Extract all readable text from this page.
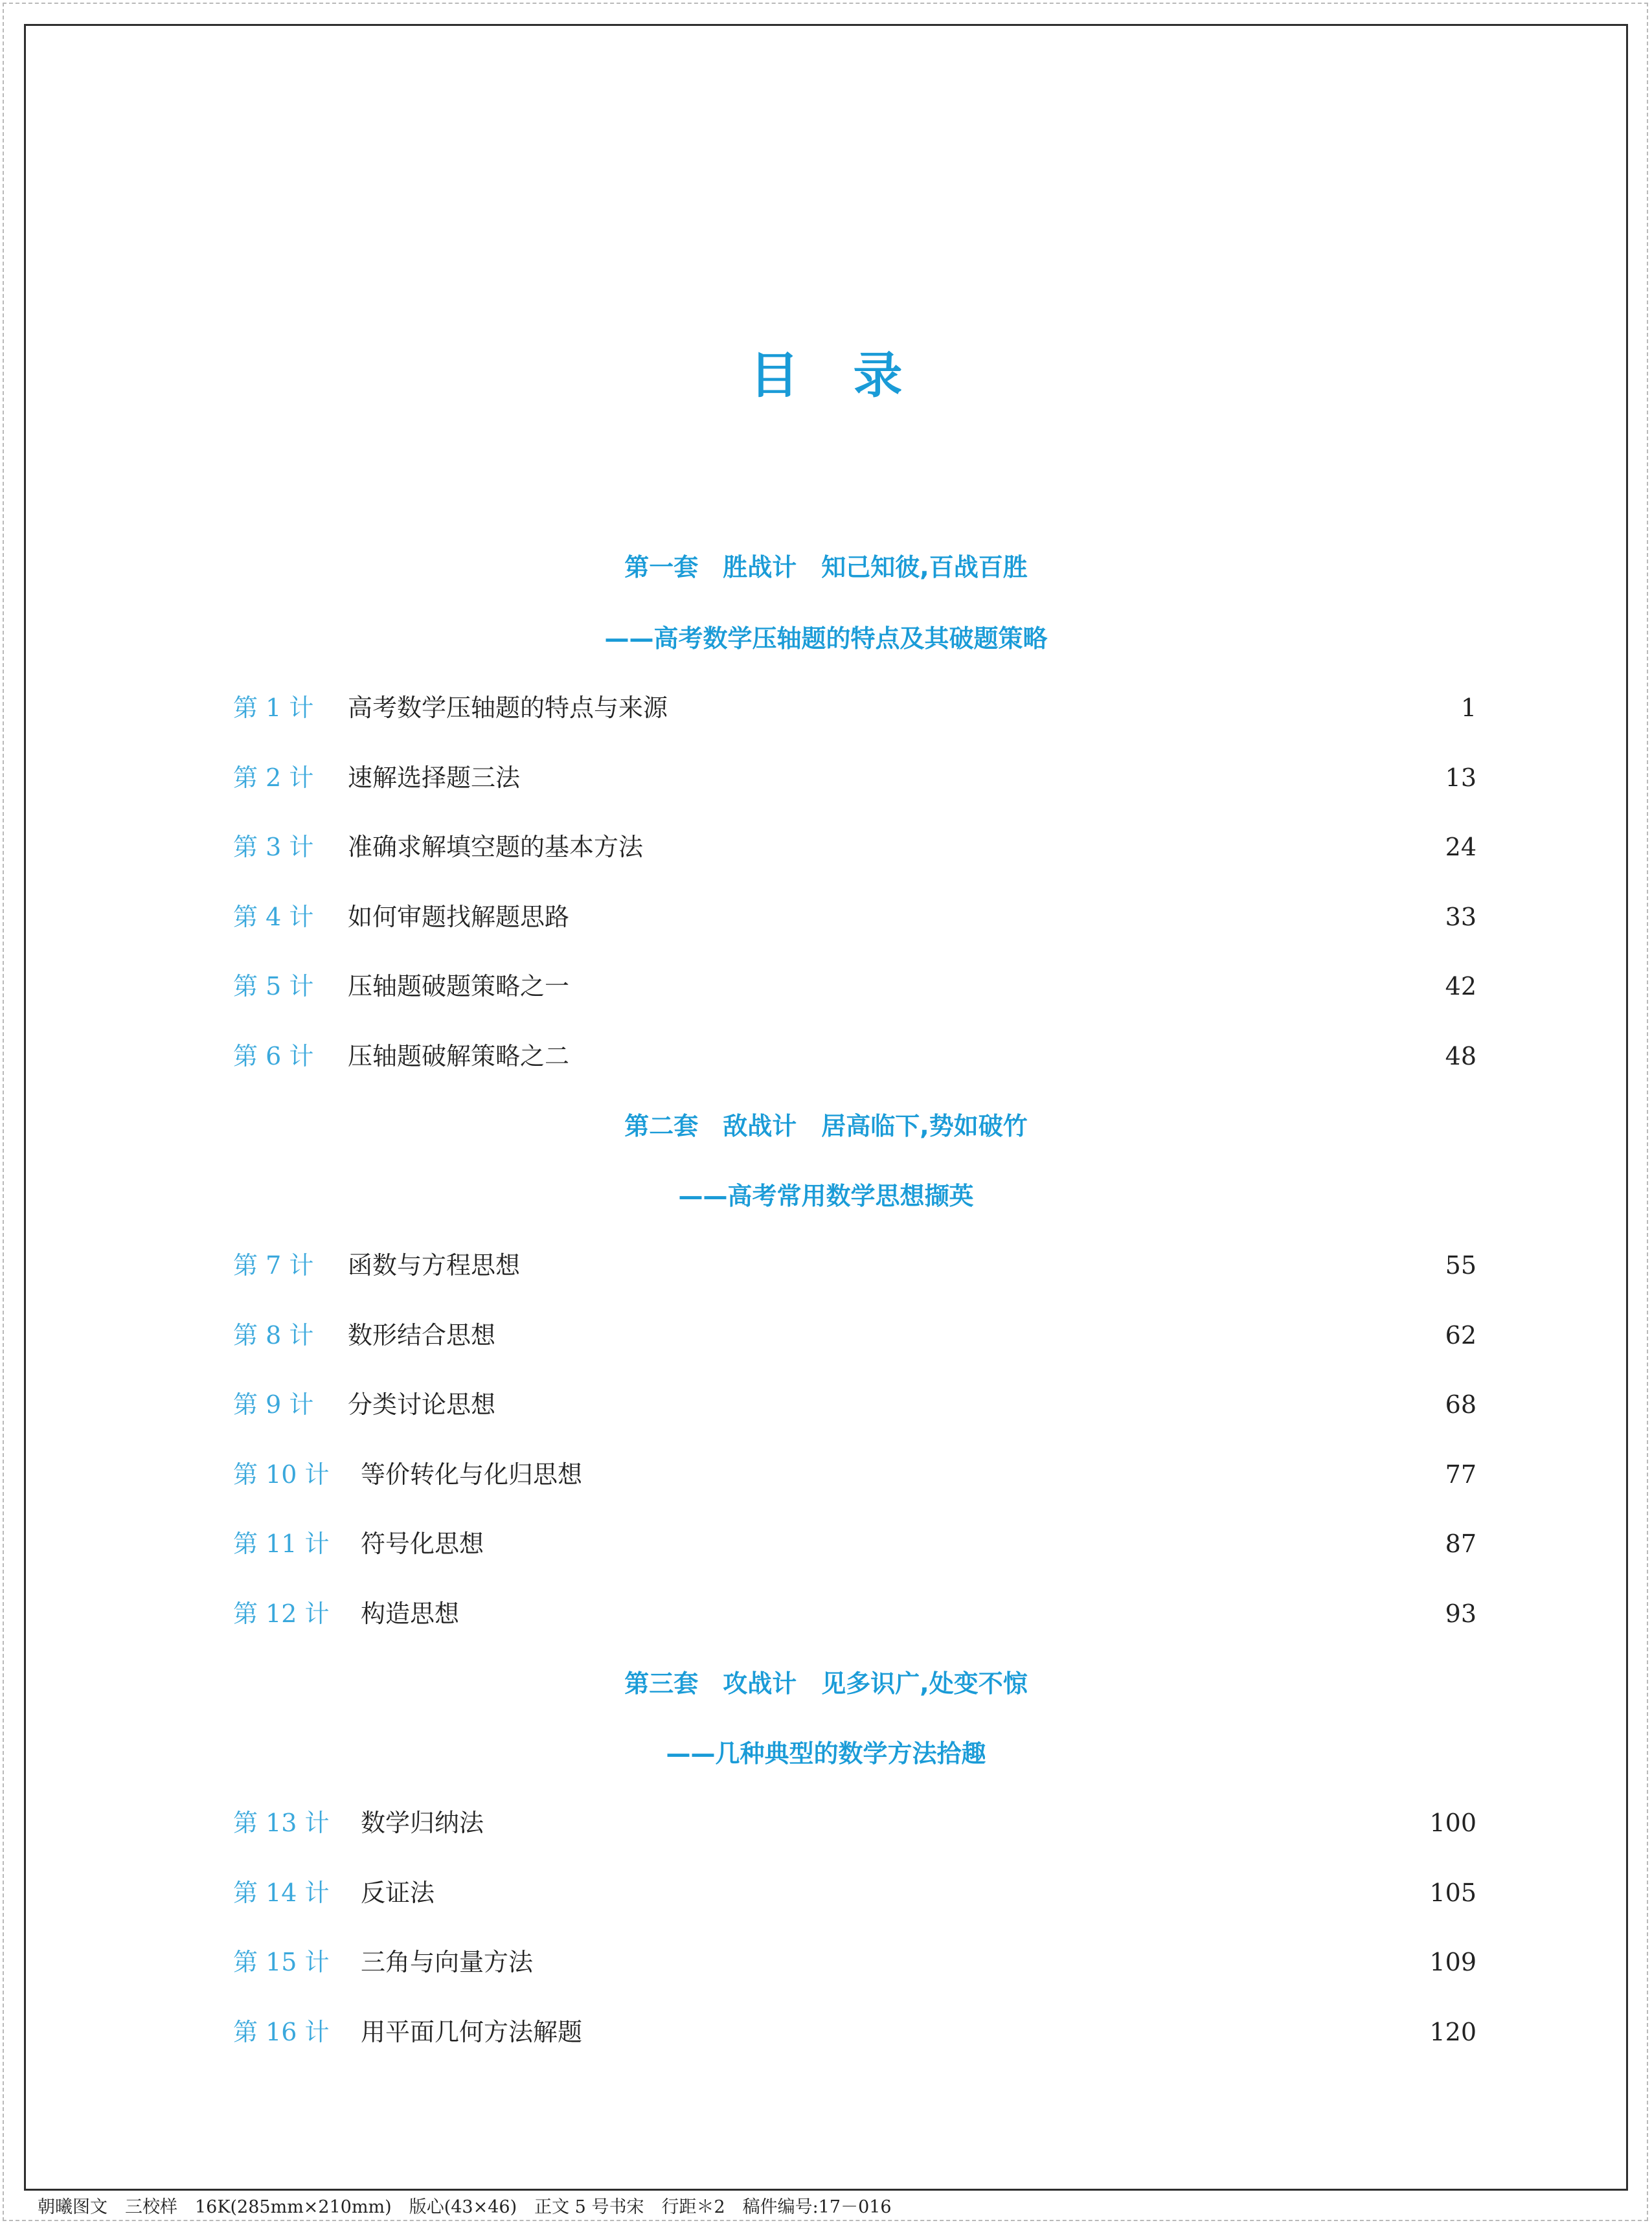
目录
第一套　胜战计　知己知彼,百战百胜
——高考数学压轴题的特点及其破题策略
第 1 计	高考数学压轴题的特点与来源	1
第 2 计	速解选择题三法	13
第 3 计	准确求解填空题的基本方法	24
第 4 计	如何审题找解题思路	33
第 5 计	压轴题破题策略之一	42
第 6 计	压轴题破解策略之二	48
第二套　敌战计　居高临下,势如破竹
——高考常用数学思想撷英
第 7 计	函数与方程思想	55
第 8 计	数形结合思想	62
第 9 计	分类讨论思想	68
第 10 计	等价转化与化归思想	77
第 11 计	符号化思想	87
第 12 计	构造思想	93
第三套　攻战计　见多识广,处变不惊
——几种典型的数学方法拾趣
第 13 计	数学归纳法	100
第 14 计	反证法	105
第 15 计	三角与向量方法	109
第 16 计	用平面几何方法解题	120
朝曦图文　三校样　16K(285mm×210mm)　版心(43×46)　正文 5 号书宋　行距＊2　稿件编号:17－016
